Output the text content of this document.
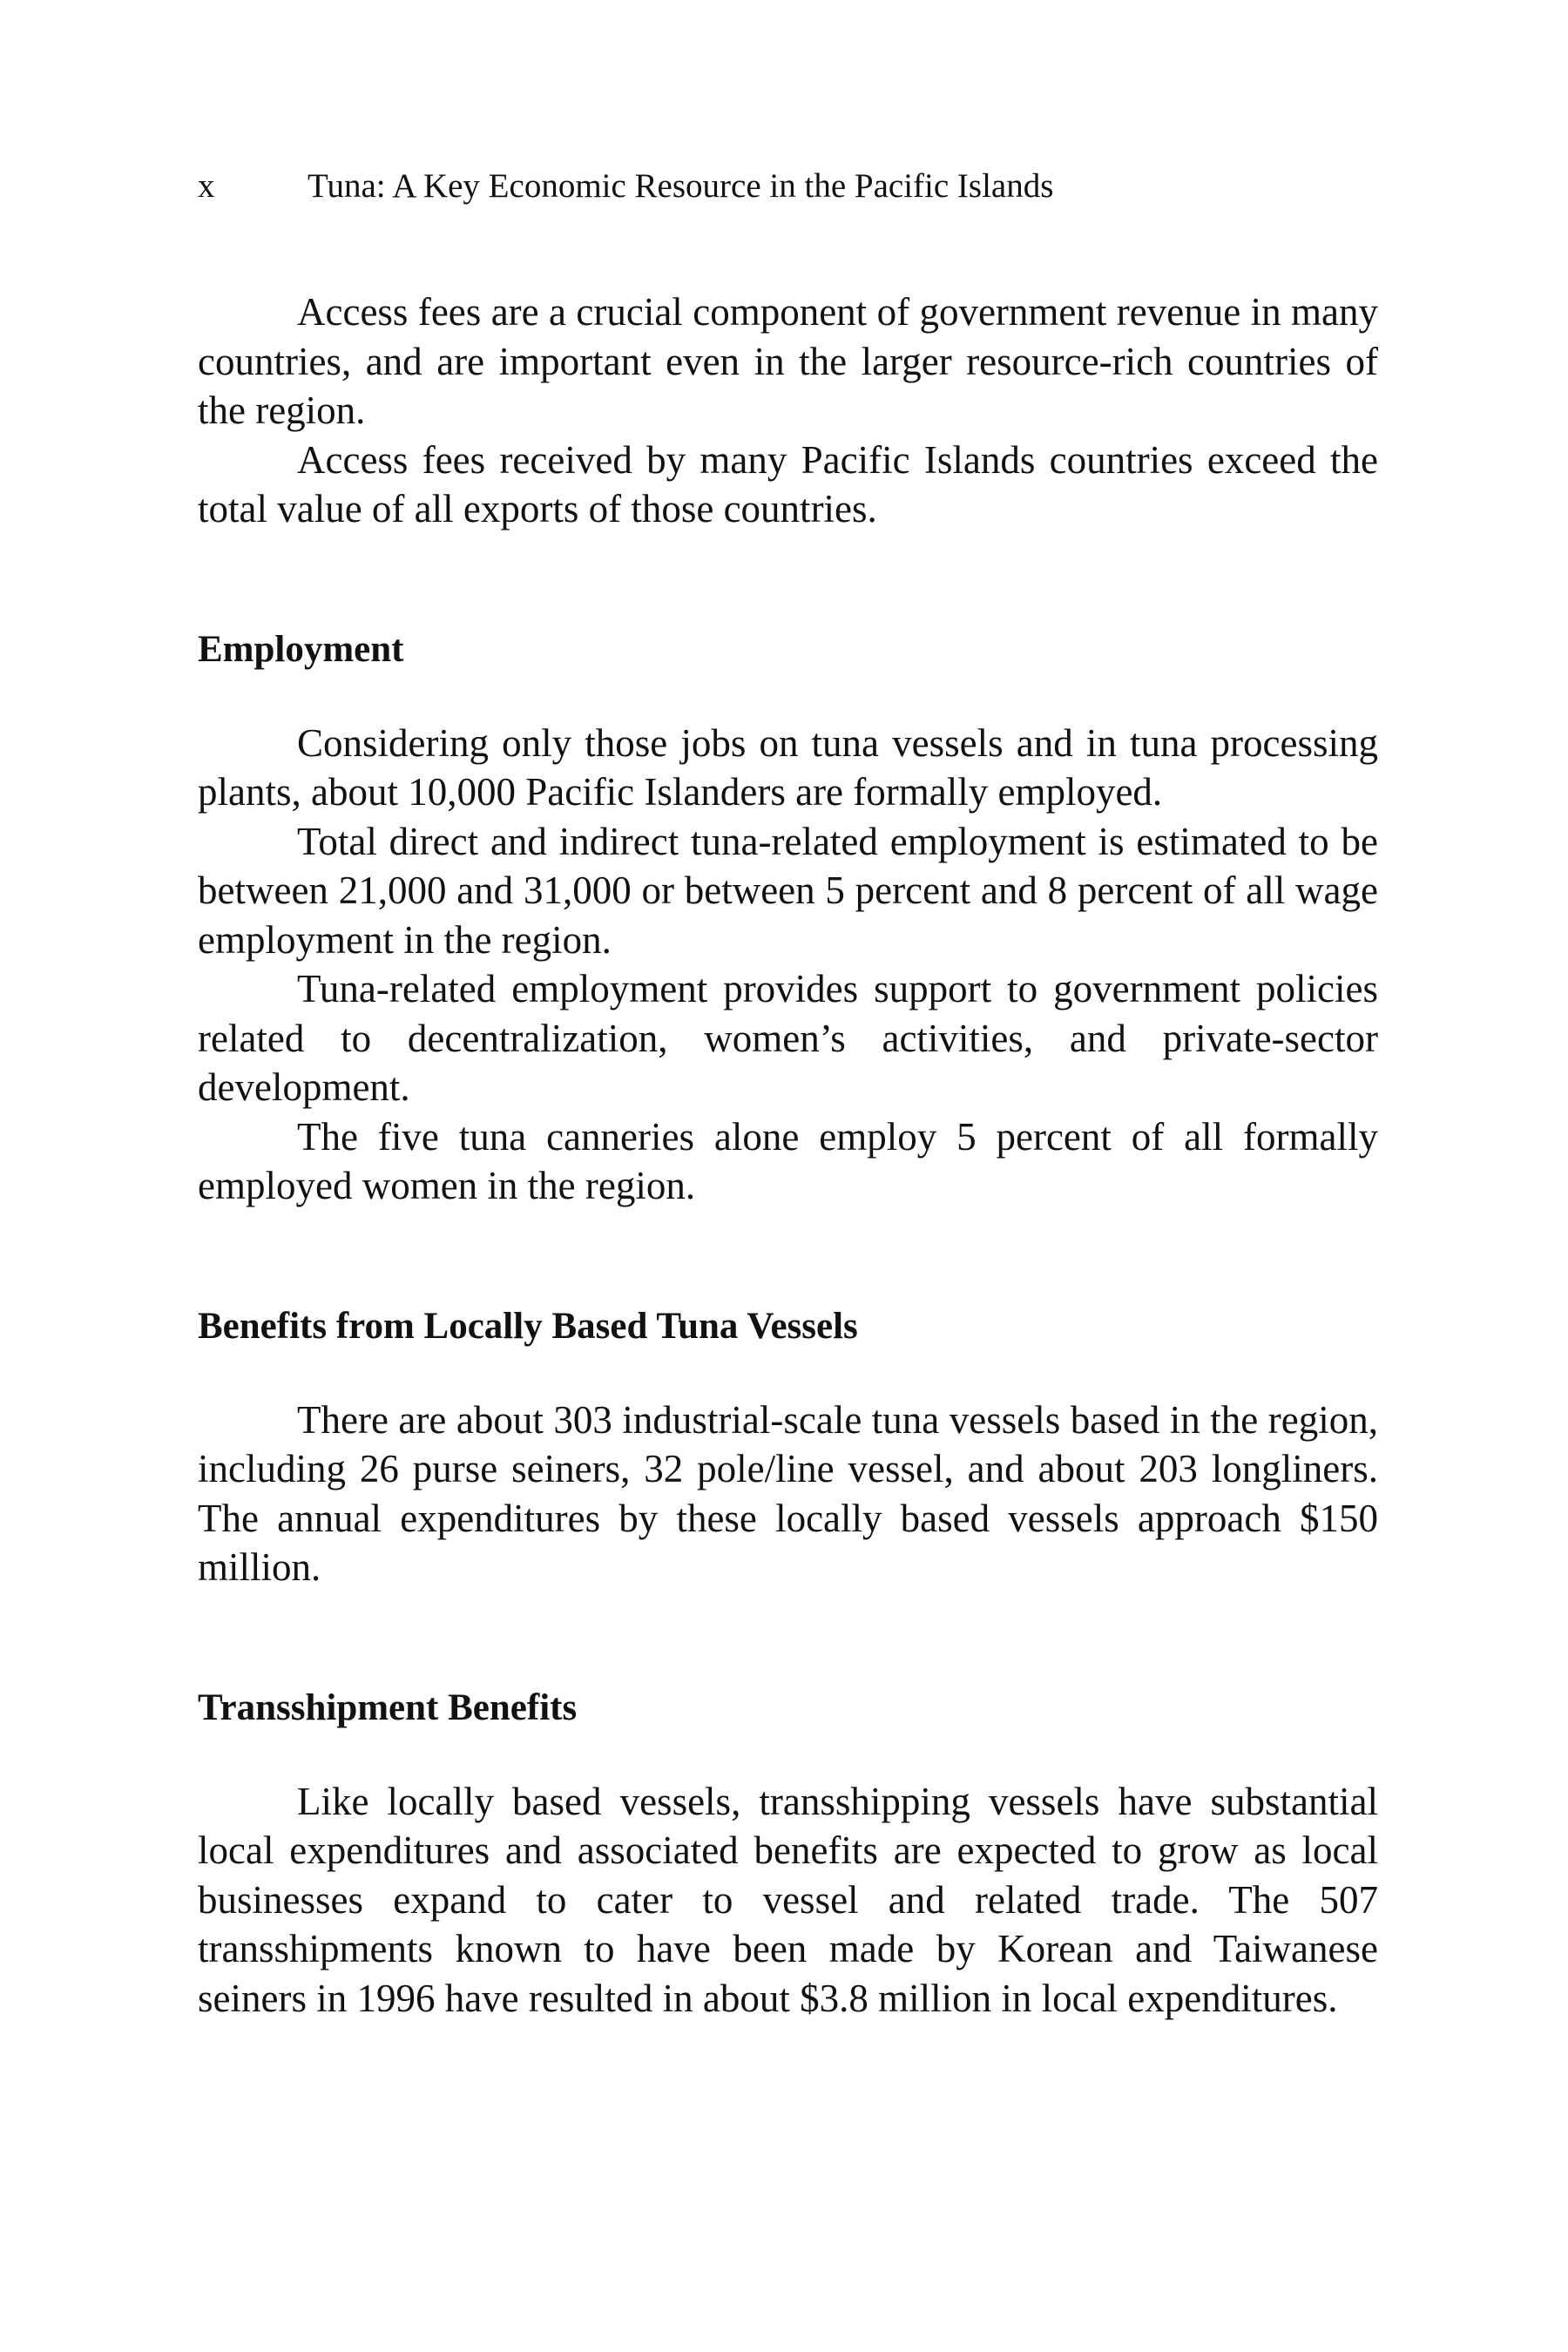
x	Tuna: A Key Economic Resource in the Pacific Islands

Access fees are a crucial component of government revenue in many countries, and are important even in the larger resource-rich countries of the region.

Access fees received by many Pacific Islands countries exceed the total value of all exports of those countries.

Employment

Considering only those jobs on tuna vessels and in tuna processing plants, about 10,000 Pacific Islanders are formally employed.

Total direct and indirect tuna-related employment is estimated to be between 21,000 and 31,000 or between 5 percent and 8 percent of all wage employment in the region.

Tuna-related employment provides support to government policies related to decentralization, women’s activities, and private-sector development.

The five tuna canneries alone employ 5 percent of all formally employed women in the region.

Benefits from Locally Based Tuna Vessels

There are about 303 industrial-scale tuna vessels based in the region, including 26 purse seiners, 32 pole/line vessel, and about 203 longliners. The annual expenditures by these locally based vessels approach $150 million.

Transshipment Benefits

Like locally based vessels, transshipping vessels have substantial local expenditures and associated benefits are expected to grow as local businesses expand to cater to vessel and related trade. The 507 transshipments known to have been made by Korean and Taiwanese seiners in 1996 have resulted in about $3.8 million in local expenditures.
